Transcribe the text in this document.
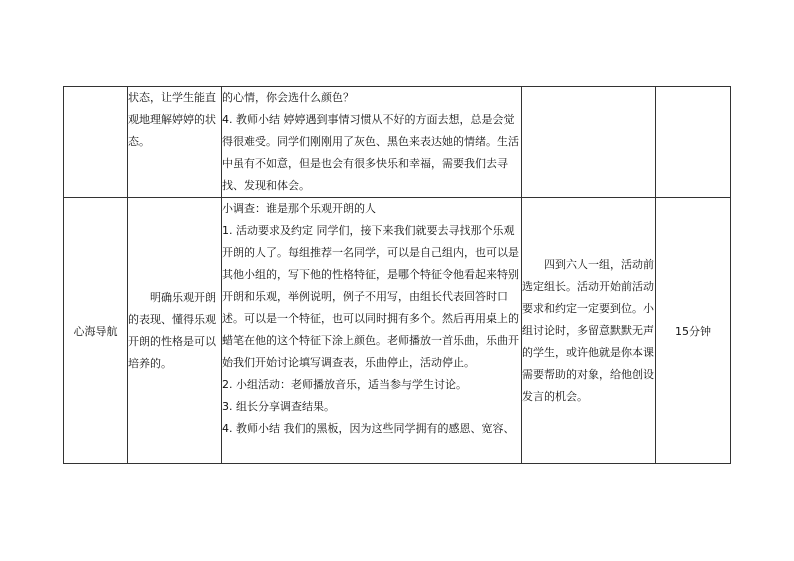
	状态，让学生能直观地理解婷婷的状态。	的心情，你会选什么颜色？
4. 教师小结 婷婷遇到事情习惯从不好的方面去想，总是会觉得很难受。同学们刚刚用了灰色、黑色来表达她的情绪。生活中虽有不如意，但是也会有很多快乐和幸福，需要我们去寻找、发现和体会。		

心海导航	明确乐观开朗的表现、懂得乐观开朗的性格是可以培养的。	小调查：谁是那个乐观开朗的人
1. 活动要求及约定 同学们，接下来我们就要去寻找那个乐观开朗的人了。每组推荐一名同学，可以是自己组内，也可以是其他小组的，写下他的性格特征，是哪个特征令他看起来特别开朗和乐观，举例说明，例子不用写，由组长代表回答时口述。可以是一个特征，也可以同时拥有多个。然后再用桌上的蜡笔在他的这个特征下涂上颜色。老师播放一首乐曲，乐曲开始我们开始讨论填写调查表，乐曲停止，活动停止。
2. 小组活动：老师播放音乐，适当参与学生讨论。
3. 组长分享调查结果。
4. 教师小结 我们的黑板，因为这些同学拥有的感恩、宽容、	四到六人一组，活动前选定组长。活动开始前活动要求和约定一定要到位。小组讨论时，多留意默默无声的学生，或许他就是你本课需要帮助的对象，给他创设发言的机会。	15分钟
